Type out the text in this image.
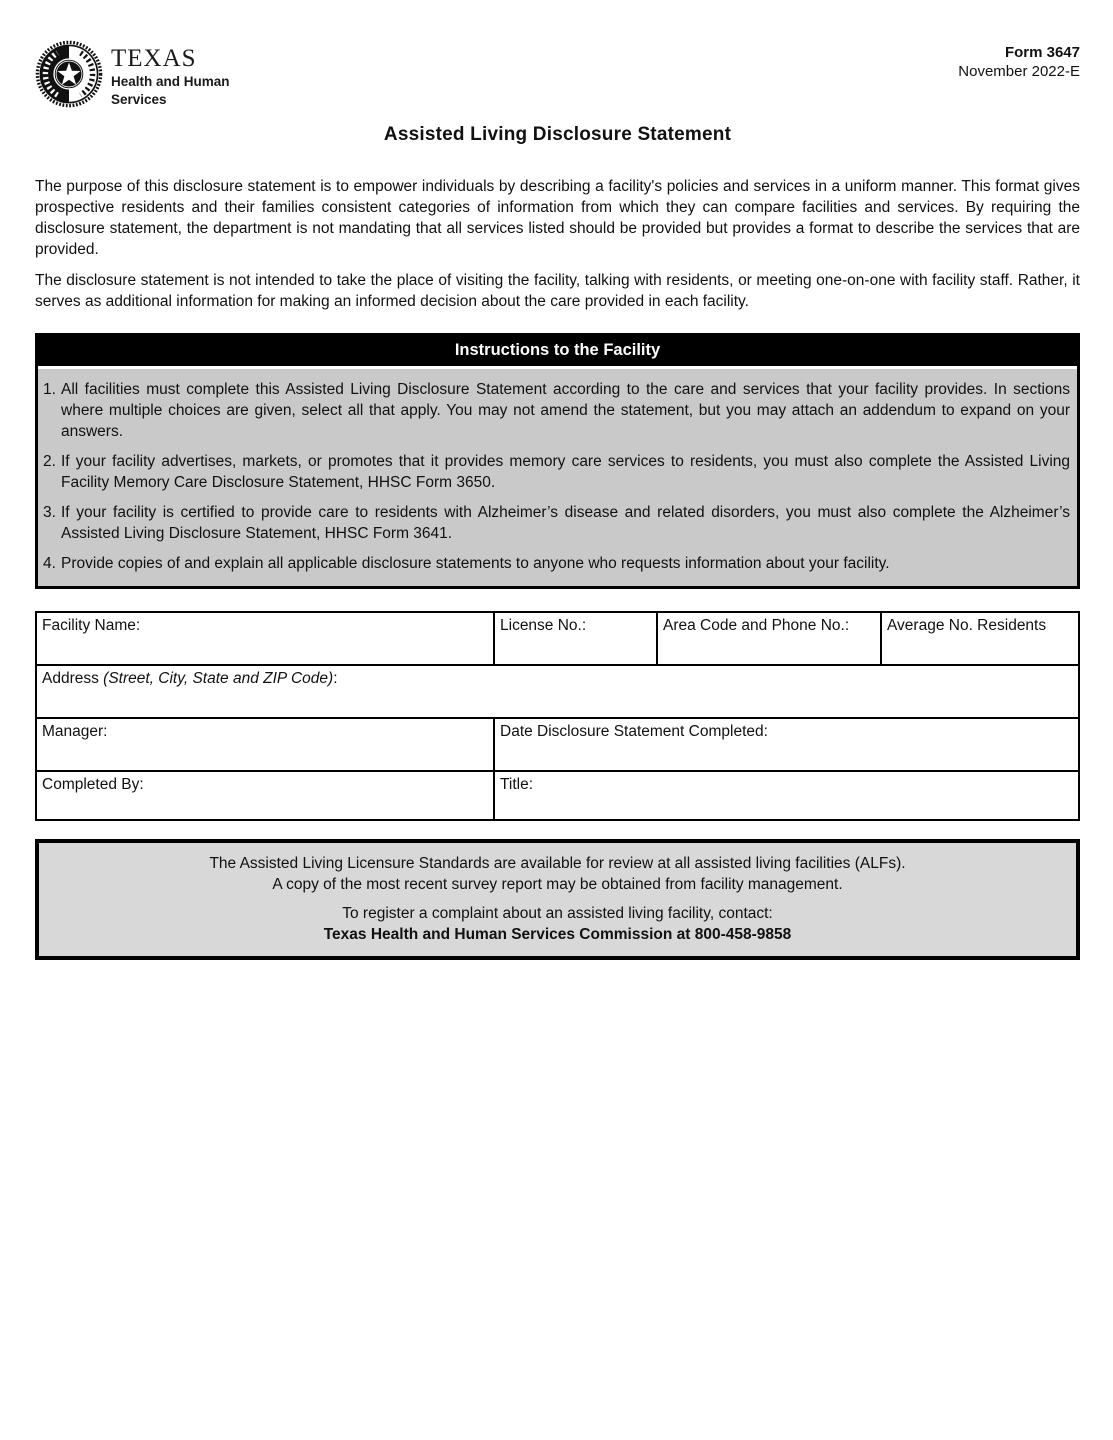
TEXAS
Health and Human
Services
Form 3647
November 2022-E
Assisted Living Disclosure Statement

The purpose of this disclosure statement is to empower individuals by describing a facility's policies and services in a uniform manner. This format gives prospective residents and their families consistent categories of information from which they can compare facilities and services. By requiring the disclosure statement, the department is not mandating that all services listed should be provided but provides a format to describe the services that are provided.

The disclosure statement is not intended to take the place of visiting the facility, talking with residents, or meeting one-on-one with facility staff. Rather, it serves as additional information for making an informed decision about the care provided in each facility.

Instructions to the Facility
1. All facilities must complete this Assisted Living Disclosure Statement according to the care and services that your facility provides. In sections where multiple choices are given, select all that apply. You may not amend the statement, but you may attach an addendum to expand on your answers.
2. If your facility advertises, markets, or promotes that it provides memory care services to residents, you must also complete the Assisted Living Facility Memory Care Disclosure Statement, HHSC Form 3650.
3. If your facility is certified to provide care to residents with Alzheimer’s disease and related disorders, you must also complete the Alzheimer’s Assisted Living Disclosure Statement, HHSC Form 3641.
4. Provide copies of and explain all applicable disclosure statements to anyone who requests information about your facility.
Facility Name:	License No.:	Area Code and Phone No.:	Average No. Residents
Address (Street, City, State and ZIP Code):			
Manager:	Date Disclosure Statement Completed:		
Completed By:	Title:		
The Assisted Living Licensure Standards are available for review at all assisted living facilities (ALFs).
A copy of the most recent survey report may be obtained from facility management.
To register a complaint about an assisted living facility, contact:
Texas Health and Human Services Commission at 800-458-9858
